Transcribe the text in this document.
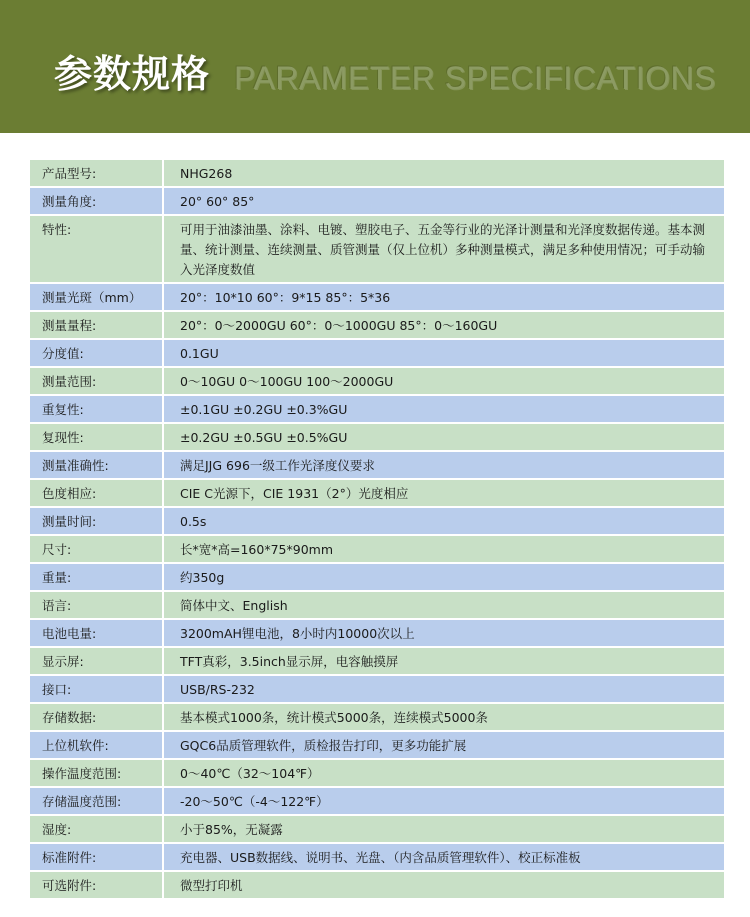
参数规格 PARAMETER SPECIFICATIONS
产品型号:	NHG268
测量角度:	20° 60° 85°
特性:	可用于油漆油墨、涂料、电镀、塑胶电子、五金等行业的光泽计测量和光泽度数据传递。基本测量、统计测量、连续测量、质管测量（仅上位机）多种测量模式，满足多种使用情况；可手动输入光泽度数值
测量光斑（mm）	20°：10*10 60°：9*15 85°：5*36
测量量程:	20°：0～2000GU 60°：0～1000GU 85°：0～160GU
分度值:	0.1GU
测量范围:	0～10GU 0～100GU 100～2000GU
重复性:	±0.1GU ±0.2GU ±0.3%GU
复现性:	±0.2GU ±0.5GU ±0.5%GU
测量准确性:	满足JJG 696一级工作光泽度仪要求
色度相应:	CIE C光源下，CIE 1931（2°）光度相应
测量时间:	0.5s
尺寸:	长*宽*高=160*75*90mm
重量:	约350g
语言:	简体中文、English
电池电量:	3200mAH锂电池，8小时内10000次以上
显示屏:	TFT真彩，3.5inch显示屏，电容触摸屏
接口:	USB/RS-232
存储数据:	基本模式1000条，统计模式5000条，连续模式5000条
上位机软件:	GQC6品质管理软件，质检报告打印，更多功能扩展
操作温度范围:	0～40℃（32～104℉）
存储温度范围:	-20～50℃（-4～122℉）
湿度:	小于85%，无凝露
标准附件:	充电器、USB数据线、说明书、光盘、（内含品质管理软件）、校正标准板
可选附件:	微型打印机
